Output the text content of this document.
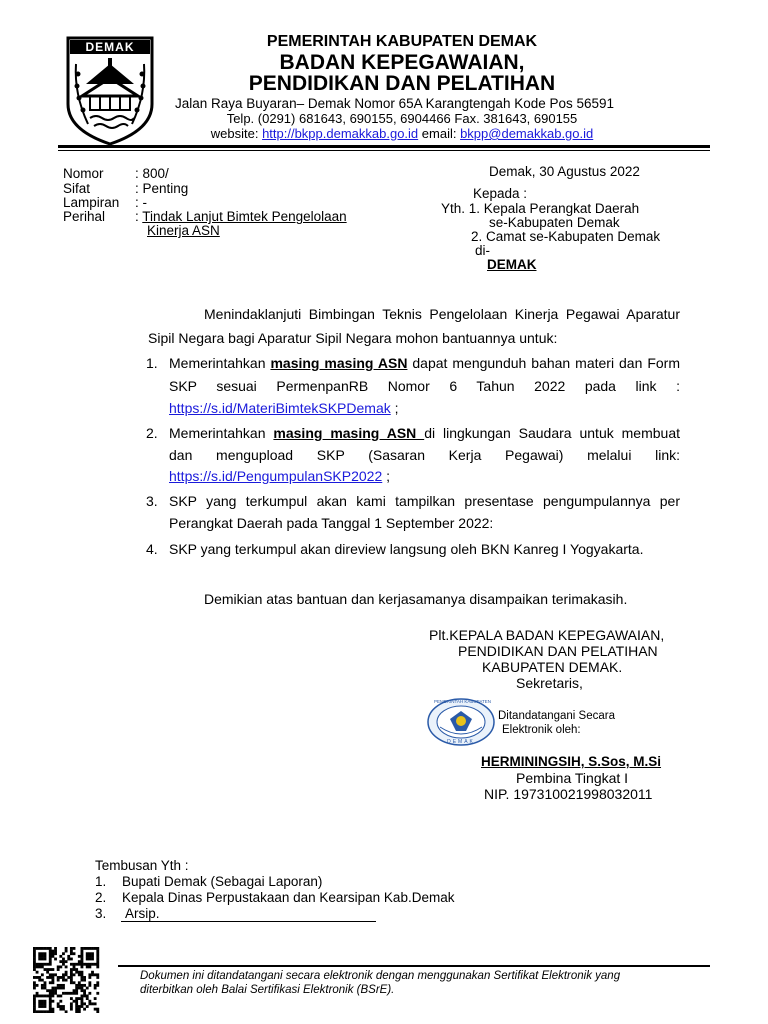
DEMAK	PEMERINTAH KABUPATEN DEMAK
BADAN KEPEGAWAIAN,
PENDIDIKAN DAN PELATIHAN
Jalan Raya Buyaran– Demak Nomor 65A Karangtengah Kode Pos 56591
Telp. (0291) 681643, 690155, 6904466 Fax. 381643, 690155
website: http://bkpp.demakkab.go.id email: bkpp@demakkab.go.id
Nomor : 800/
Sifat	: Penting
Lampiran : -
Perihal : Tindak Lanjut Bimtek Pengelolaan
Kinerja ASN
Demak, 30 Agustus 2022
Kepada :
Yth. 1. Kepala Perangkat Daerah
se-Kabupaten Demak
2. Camat se-Kabupaten Demak
di-
DEMAK
Menindaklanjuti Bimbingan Teknis Pengelolaan Kinerja Pegawai Aparatur
Sipil Negara bagi Aparatur Sipil Negara mohon bantuannya untuk:
1. Memerintahkan masing masing ASN dapat mengunduh bahan materi dan Form
SKP sesuai PermenpanRB Nomor 6 Tahun 2022 pada link :
https://s.id/MateriBimtekSKPDemak ;
2. Memerintahkan masing masing ASN di lingkungan Saudara untuk membuat
dan mengupload SKP (Sasaran Kerja Pegawai) melalui link:
https://s.id/PengumpulanSKP2022 ;
3. SKP yang terkumpul akan kami tampilkan presentase pengumpulannya per
Perangkat Daerah pada Tanggal 1 September 2022:
4. SKP yang terkumpul akan direview langsung oleh BKN Kanreg I Yogyakarta.
Demikian atas bantuan dan kerjasamanya disampaikan terimakasih.
Plt.KEPALA BADAN KEPEGAWAIAN,
PENDIDIKAN DAN PELATIHAN
KABUPATEN DEMAK.
Sekretaris,
PEMERINTAH KABUPATEN
DEMAK
Ditandatangani Secara
Elektronik oleh:
HERMININGSIH, S.Sos, M.Si
Pembina Tingkat I
NIP. 197310021998032011
Tembusan Yth :
1. Bupati Demak (Sebagai Laporan)
2. Kepala Dinas Perpustakaan dan Kearsipan Kab.Demak
3. Arsip.
Dokumen ini ditandatangani secara elektronik dengan menggunakan Sertifikat Elektronik yang
diterbitkan oleh Balai Sertifikasi Elektronik (BSrE).
